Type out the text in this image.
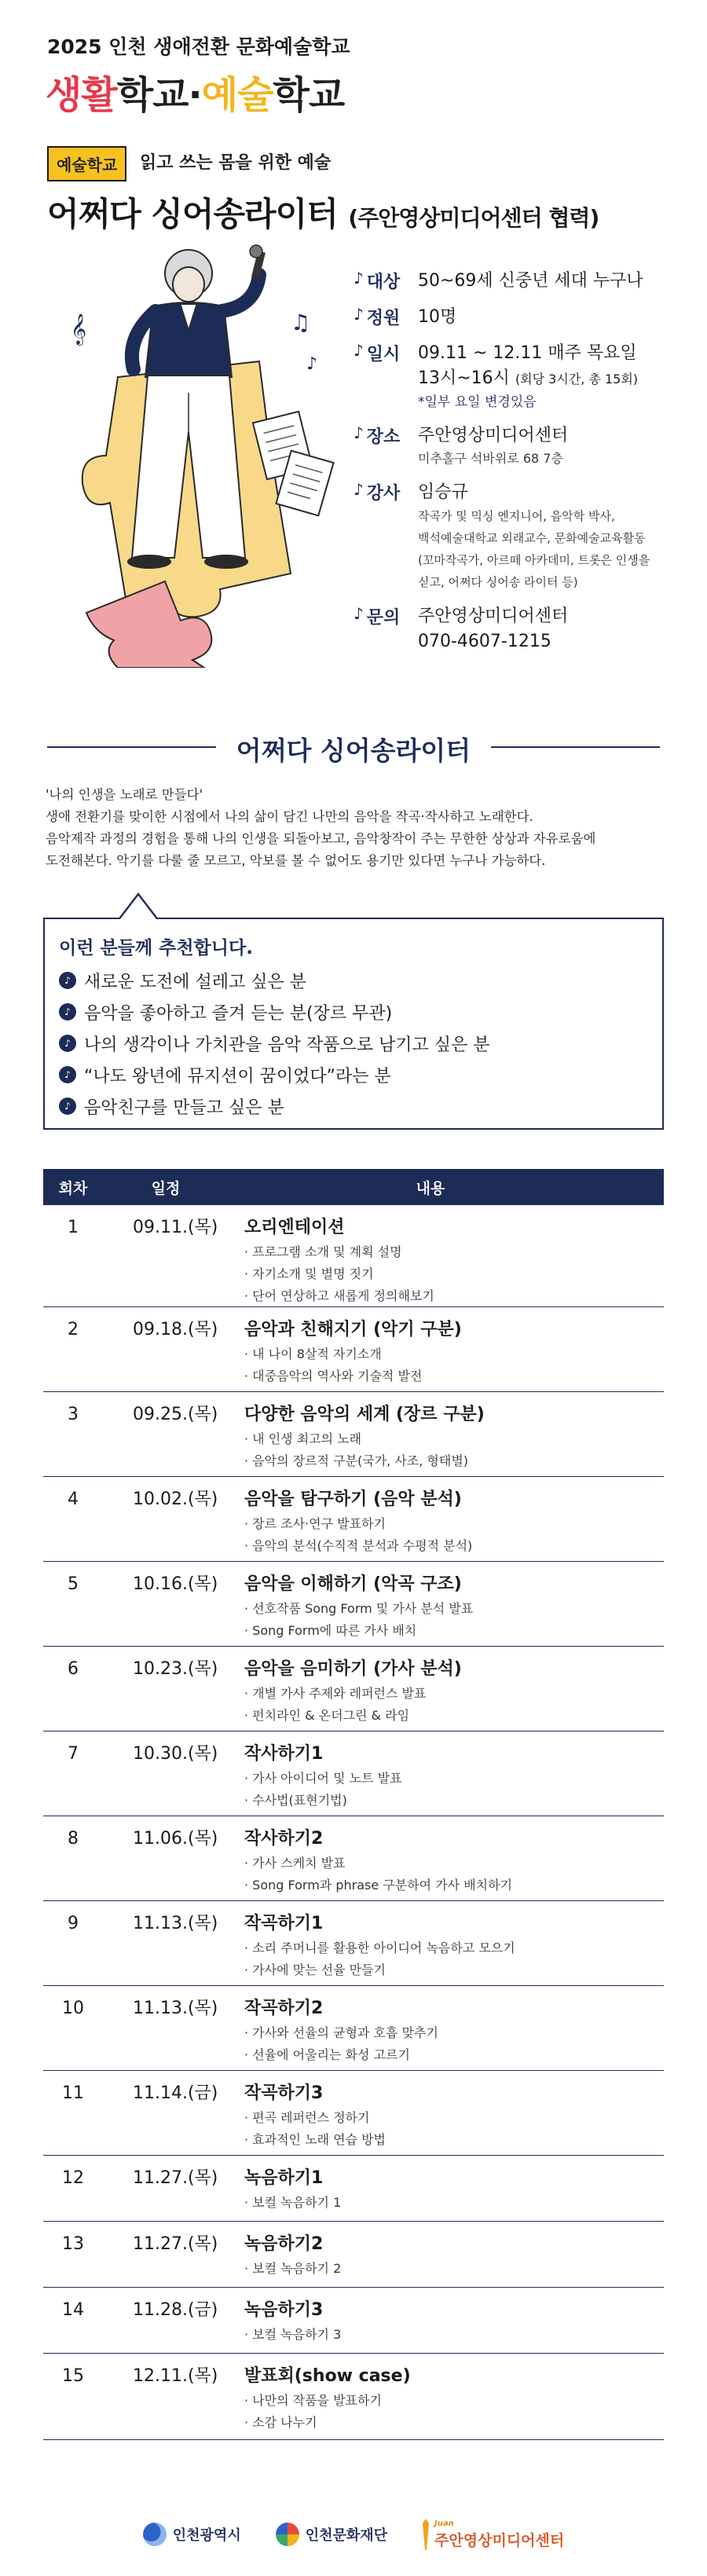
2025 인천 생애전환 문화예술학교
생활학교·예술학교
예술학교	읽고 쓰는 몸을 위한 예술
어쩌다 싱어송라이터 (주안영상미디어센터 협력)
𝄞	♫
♪
♪ 대상 50~69세 신중년 세대 누구나
♪ 정원 10명
♪ 일시 09.11 ~ 12.11 매주 목요일
13시~16시 (회당 3시간, 총 15회)
*일부 요일 변경있음
♪ 장소 주안영상미디어센터
미추홀구 석바위로 68 7층
♪ 강사 임승규
작곡가 및 믹싱 엔지니어, 음악학 박사,
백석예술대학교 외래교수, 문화예술교육활동
(꼬마작곡가, 아르떼 아카데미, 트롯은 인생을
싣고, 어쩌다 싱어송 라이터 등)
♪ 문의 주안영상미디어센터
070-4607-1215
어쩌다 싱어송라이터
'나의 인생을 노래로 만들다'
생애 전환기를 맞이한 시점에서 나의 삶이 담긴 나만의 음악을 작곡·작사하고 노래한다.
음악제작 과정의 경험을 통해 나의 인생을 되돌아보고, 음악창작이 주는 무한한 상상과 자유로움에
도전해본다. 악기를 다룰 줄 모르고, 악보를 볼 수 없어도 용기만 있다면 누구나 가능하다.
이런 분들께 추천합니다.
♪ 새로운 도전에 설레고 싶은 분
♪ 음악을 좋아하고 즐겨 듣는 분(장르 무관)
♪ 나의 생각이나 가치관을 음악 작품으로 남기고 싶은 분
♪ “나도 왕년에 뮤지션이 꿈이었다”라는 분
♪ 음악친구를 만들고 싶은 분
회차	일정	내용
1	09.11.(목)	오리엔테이션
· 프로그램 소개 및 계획 설명
· 자기소개 및 별명 짓기
· 단어 연상하고 새롭게 정의해보기
2	09.18.(목)	음악과 친해지기 (악기 구분)
· 내 나이 8살적 자기소개
· 대중음악의 역사와 기술적 발전
3	09.25.(목)	다양한 음악의 세계 (장르 구분)
· 내 인생 최고의 노래
· 음악의 장르적 구분(국가, 사조, 형태별)
4	10.02.(목)	음악을 탐구하기 (음악 분석)
· 장르 조사·연구 발표하기
· 음악의 분석(수직적 분석과 수평적 분석)
5	10.16.(목)	음악을 이해하기 (악곡 구조)
· 선호작품 Song Form 및 가사 분석 발표
· Song Form에 따른 가사 배치
6	10.23.(목)	음악을 음미하기 (가사 분석)
· 개별 가사 주제와 레퍼런스 발표
· 펀치라인 & 온더그린 & 라임
7	10.30.(목)	작사하기1
· 가사 아이디어 및 노트 발표
· 수사법(표현기법)
8	11.06.(목)	작사하기2
· 가사 스케치 발표
· Song Form과 phrase 구분하여 가사 배치하기
9	11.13.(목)	작곡하기1
· 소리 주머니를 활용한 아이디어 녹음하고 모으기
· 가사에 맞는 선율 만들기
10	11.13.(목)	작곡하기2
· 가사와 선율의 균형과 호흡 맞추기
· 선율에 어울리는 화성 고르기
11	11.14.(금)	작곡하기3
· 편곡 레퍼런스 정하기
· 효과적인 노래 연습 방법
12	11.27.(목)	녹음하기1
· 보컬 녹음하기 1
13	11.27.(목)	녹음하기2
· 보컬 녹음하기 2
14	11.28.(금)	녹음하기3
· 보컬 녹음하기 3
15	12.11.(목)	발표회(show case)
· 나만의 작품을 발표하기
· 소감 나누기
인천광역시	인천문화재단
Juan
주안영상미디어센터
